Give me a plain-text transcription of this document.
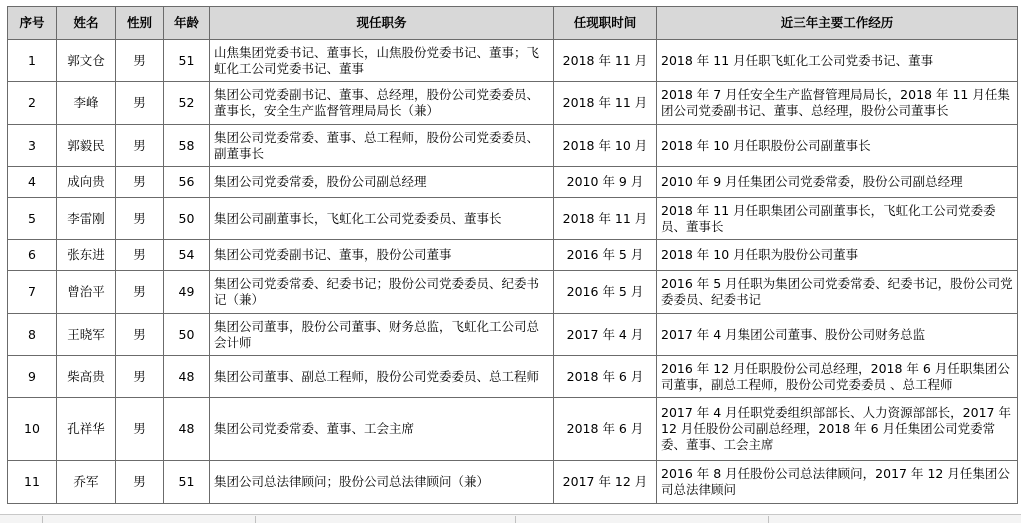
序号	姓名	性别	年龄	现任职务	任现职时间	近三年主要工作经历
1	郭文仓	男	51	山焦集团党委书记、董事长，山焦股份党委书记、董事；飞虹化工公司党委书记、董事	2018 年 11 月	2018 年 11 月任职飞虹化工公司党委书记、董事
2	李峰	男	52	集团公司党委副书记、董事、总经理，股份公司党委委员、董事长，安全生产监督管理局局长（兼）	2018 年 11 月	2018 年 7 月任安全生产监督管理局局长，2018 年 11 月任集团公司党委副书记、董事、总经理，股份公司董事长
3	郭毅民	男	58	集团公司党委常委、董事、总工程师，股份公司党委委员、副董事长	2018 年 10 月	2018 年 10 月任职股份公司副董事长
4	成向贵	男	56	集团公司党委常委，股份公司副总经理	2010 年 9 月	2010 年 9 月任集团公司党委常委，股份公司副总经理
5	李雷刚	男	50	集团公司副董事长，飞虹化工公司党委委员、董事长	2018 年 11 月	2018 年 11 月任职集团公司副董事长，飞虹化工公司党委委员、董事长
6	张东进	男	54	集团公司党委副书记、董事，股份公司董事	2016 年 5 月	2018 年 10 月任职为股份公司董事
7	曾治平	男	49	集团公司党委常委、纪委书记；股份公司党委委员、纪委书记（兼）	2016 年 5 月	2016 年 5 月任职为集团公司党委常委、纪委书记，股份公司党委委员、纪委书记
8	王晓军	男	50	集团公司董事，股份公司董事、财务总监，飞虹化工公司总会计师	2017 年 4 月	2017 年 4 月集团公司董事、股份公司财务总监
9	柴高贵	男	48	集团公司董事、副总工程师，股份公司党委委员、总工程师	2018 年 6 月	2016 年 12 月任职股份公司总经理，2018 年 6 月任职集团公司董事，副总工程师，股份公司党委委员 、总工程师
10	孔祥华	男	48	集团公司党委常委、董事、工会主席	2018 年 6 月	2017 年 4 月任职党委组织部部长、人力资源部部长，2017 年 12 月任股份公司副总经理，2018 年 6 月任集团公司党委常委、董事、工会主席
11	乔军	男	51	集团公司总法律顾问；股份公司总法律顾问（兼）	2017 年 12 月	2016 年 8 月任股份公司总法律顾问，2017 年 12 月任集团公司总法律顾问
